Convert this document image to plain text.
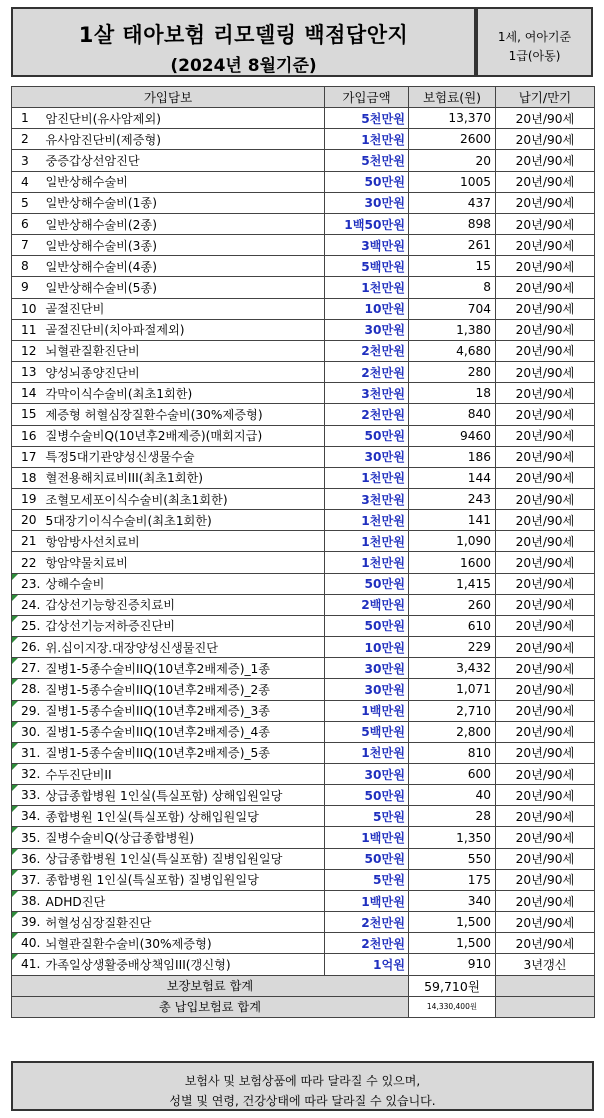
1살 태아보험 리모델링 백점답안지
(2024년 8월기준)
1세, 여아기준
1급(아동)
가입담보		가입금액	보험료(원)	납기/만기
1	암진단비(유사암제외)	5천만원	13,370	20년/90세
2	유사암진단비(제증형)	1천만원	2600	20년/90세
3	중증갑상선암진단	5천만원	20	20년/90세
4	일반상해수술비	50만원	1005	20년/90세
5	일반상해수술비(1종)	30만원	437	20년/90세
6	일반상해수술비(2종)	1백50만원	898	20년/90세
7	일반상해수술비(3종)	3백만원	261	20년/90세
8	일반상해수술비(4종)	5백만원	15	20년/90세
9	일반상해수술비(5종)	1천만원	8	20년/90세
10	골절진단비	10만원	704	20년/90세
11	골절진단비(치아파절제외)	30만원	1,380	20년/90세
12	뇌혈관질환진단비	2천만원	4,680	20년/90세
13	양성뇌종양진단비	2천만원	280	20년/90세
14	각막이식수술비(최초1회한)	3천만원	18	20년/90세
15	제증형 허혈심장질환수술비(30%제증형)	2천만원	840	20년/90세
16	질병수술비Q(10년후2배제증)(매회지급)	50만원	9460	20년/90세
17	특정5대기관양성신생물수술	30만원	186	20년/90세
18	혈전용해치료비III(최초1회한)	1천만원	144	20년/90세
19	조혈모세포이식수술비(최초1회한)	3천만원	243	20년/90세
20	5대장기이식수술비(최초1회한)	1천만원	141	20년/90세
21	항암방사선치료비	1천만원	1,090	20년/90세
22	항암약물치료비	1천만원	1600	20년/90세
23.	상해수술비	50만원	1,415	20년/90세
24.	갑상선기능항진증치료비	2백만원	260	20년/90세
25.	갑상선기능저하증진단비	50만원	610	20년/90세
26.	위.십이지장.대장양성신생물진단	10만원	229	20년/90세
27.	질병1-5종수술비IIQ(10년후2배제증)_1종	30만원	3,432	20년/90세
28.	질병1-5종수술비IIQ(10년후2배제증)_2종	30만원	1,071	20년/90세
29.	질병1-5종수술비IIQ(10년후2배제증)_3종	1백만원	2,710	20년/90세
30.	질병1-5종수술비IIQ(10년후2배제증)_4종	5백만원	2,800	20년/90세
31.	질병1-5종수술비IIQ(10년후2배제증)_5종	1천만원	810	20년/90세
32.	수두진단비II	30만원	600	20년/90세
33.	상급종합병원 1인실(특실포함) 상해입원일당	50만원	40	20년/90세
34.	종합병원 1인실(특실포함) 상해입원일당	5만원	28	20년/90세
35.	질병수술비Q(상급종합병원)	1백만원	1,350	20년/90세
36.	상급종합병원 1인실(특실포함) 질병입원일당	50만원	550	20년/90세
37.	종합병원 1인실(특실포함) 질병입원일당	5만원	175	20년/90세
38.	ADHD진단	1백만원	340	20년/90세
39.	허혈성심장질환진단	2천만원	1,500	20년/90세
40.	뇌혈관질환수술비(30%제증형)	2천만원	1,500	20년/90세
41.	가족일상생활중배상책임III(갱신형)	1억원	910	3년갱신
보장보험료 합계			59,710원	
총 납입보험료 합계			14,330,400원	
보험사 및 보험상품에 따라 달라질 수 있으며,
성별 및 연령, 건강상태에 따라 달라질 수 있습니다.
